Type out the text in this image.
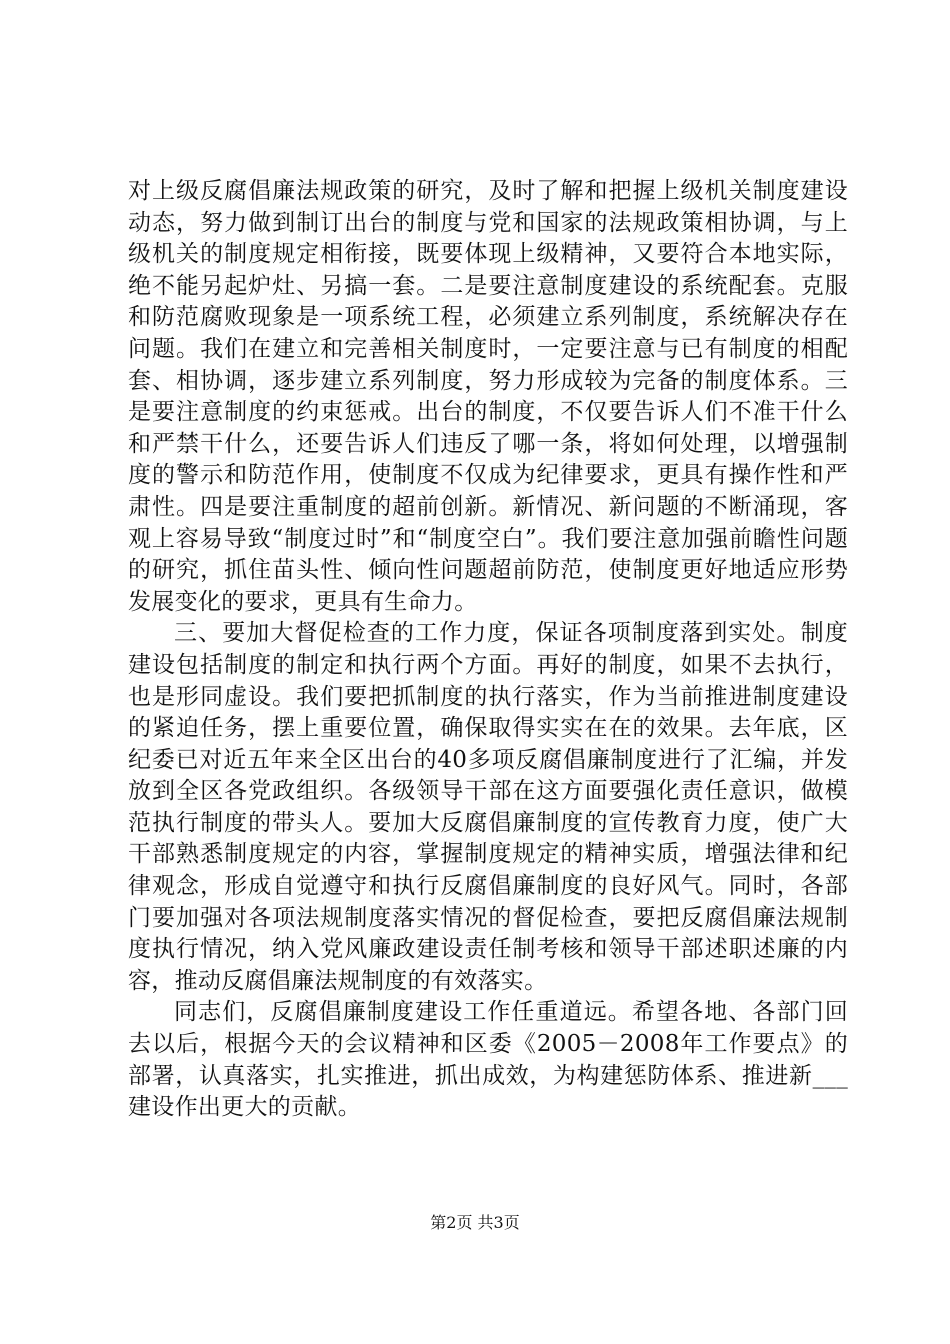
对上级反腐倡廉法规政策的研究，及时了解和把握上级机关制度建设动态，努力做到制订出台的制度与党和国家的法规政策相协调，与上级机关的制度规定相衔接，既要体现上级精神，又要符合本地实际，绝不能另起炉灶、另搞一套。二是要注意制度建设的系统配套。克服和防范腐败现象是一项系统工程，必须建立系列制度，系统解决存在问题。我们在建立和完善相关制度时，一定要注意与已有制度的相配套、相协调，逐步建立系列制度，努力形成较为完备的制度体系。三是要注意制度的约束惩戒。出台的制度，不仅要告诉人们不准干什么和严禁干什么，还要告诉人们违反了哪一条，将如何处理，以增强制度的警示和防范作用，使制度不仅成为纪律要求，更具有操作性和严肃性。四是要注重制度的超前创新。新情况、新问题的不断涌现，客观上容易导致“制度过时”和“制度空白”。我们要注意加强前瞻性问题的研究，抓住苗头性、倾向性问题超前防范，使制度更好地适应形势发展变化的要求，更具有生命力。

三、要加大督促检查的工作力度，保证各项制度落到实处。制度建设包括制度的制定和执行两个方面。再好的制度，如果不去执行，也是形同虚设。我们要把抓制度的执行落实，作为当前推进制度建设的紧迫任务，摆上重要位置，确保取得实实在在的效果。去年底，区纪委已对近五年来全区出台的40多项反腐倡廉制度进行了汇编，并发放到全区各党政组织。各级领导干部在这方面要强化责任意识，做模范执行制度的带头人。要加大反腐倡廉制度的宣传教育力度，使广大干部熟悉制度规定的内容，掌握制度规定的精神实质，增强法律和纪律观念，形成自觉遵守和执行反腐倡廉制度的良好风气。同时，各部门要加强对各项法规制度落实情况的督促检查，要把反腐倡廉法规制度执行情况，纳入党风廉政建设责任制考核和领导干部述职述廉的内容，推动反腐倡廉法规制度的有效落实。

同志们，反腐倡廉制度建设工作任重道远。希望各地、各部门回去以后，根据今天的会议精神和区委《2005－2008年工作要点》的部署，认真落实，扎实推进，抓出成效，为构建惩防体系、推进新___建设作出更大的贡献。

第2页 共3页
